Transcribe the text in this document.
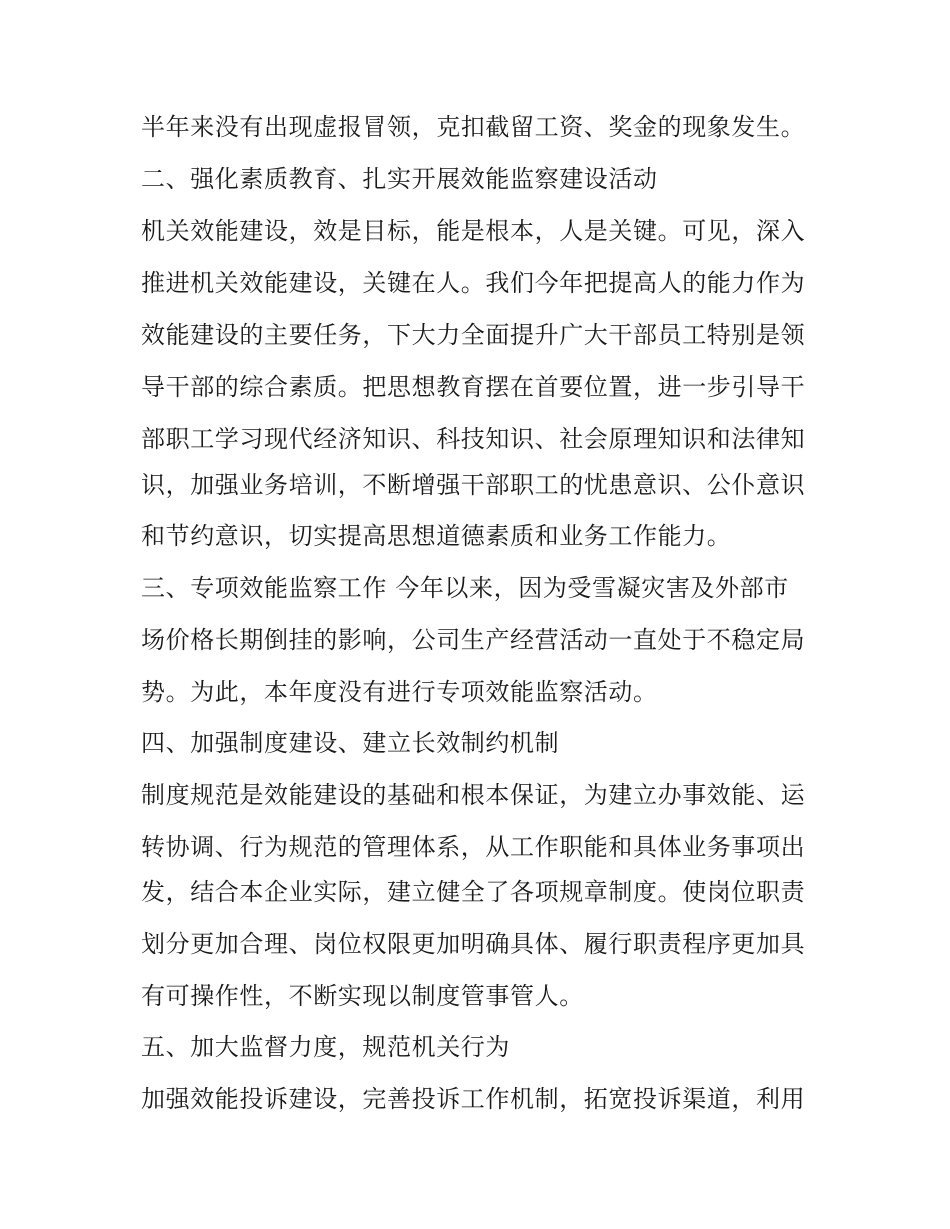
半年来没有出现虚报冒领，克扣截留工资、奖金的现象发生。
二、强化素质教育、扎实开展效能监察建设活动
机关效能建设，效是目标，能是根本，人是关键。可见，深入
推进机关效能建设，关键在人。我们今年把提高人的能力作为
效能建设的主要任务，下大力全面提升广大干部员工特别是领
导干部的综合素质。把思想教育摆在首要位置，进一步引导干
部职工学习现代经济知识、科技知识、社会原理知识和法律知
识，加强业务培训，不断增强干部职工的忧患意识、公仆意识
和节约意识，切实提高思想道德素质和业务工作能力。
三、专项效能监察工作 今年以来，因为受雪凝灾害及外部市
场价格长期倒挂的影响，公司生产经营活动一直处于不稳定局
势。为此，本年度没有进行专项效能监察活动。
四、加强制度建设、建立长效制约机制
制度规范是效能建设的基础和根本保证，为建立办事效能、运
转协调、行为规范的管理体系，从工作职能和具体业务事项出
发，结合本企业实际，建立健全了各项规章制度。使岗位职责
划分更加合理、岗位权限更加明确具体、履行职责程序更加具
有可操作性，不断实现以制度管事管人。
五、加大监督力度，规范机关行为
加强效能投诉建设，完善投诉工作机制，拓宽投诉渠道，利用
